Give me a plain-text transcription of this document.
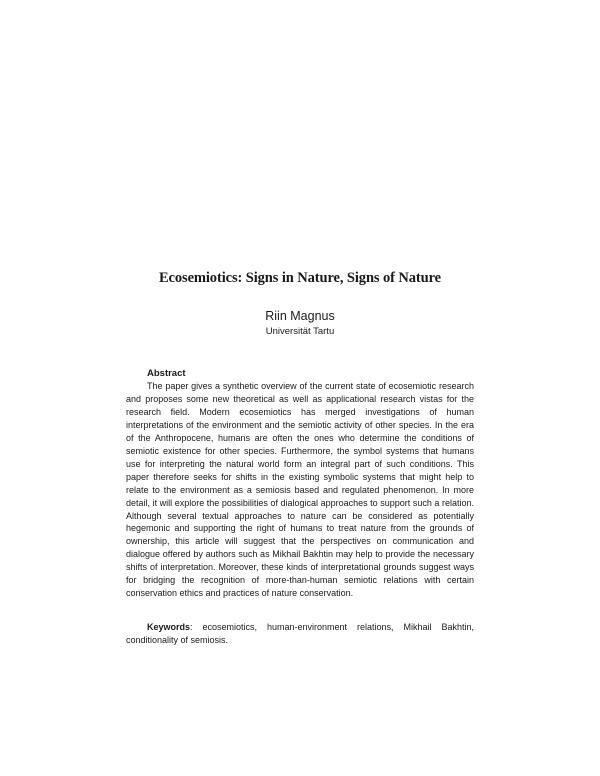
Ecosemiotics: Signs in Nature, Signs of Nature
Riin Magnus
Universität Tartu
Abstract

The paper gives a synthetic overview of the current state of ecosemiotic research and proposes some new theoretical as well as applicational research vistas for the research field. Modern ecosemiotics has merged investigations of human interpretations of the environment and the semiotic activity of other species. In the era of the Anthropocene, humans are often the ones who determine the conditions of semiotic existence for other species. Furthermore, the symbol systems that humans use for interpreting the natural world form an integral part of such conditions. This paper therefore seeks for shifts in the existing symbolic systems that might help to relate to the environment as a semiosis based and regulated phenomenon. In more detail, it will explore the possibilities of dialogical approaches to support such a relation. Although several textual approaches to nature can be considered as potentially hegemonic and supporting the right of humans to treat nature from the grounds of ownership, this article will suggest that the perspectives on communication and dialogue offered by authors such as Mikhail Bakhtin may help to provide the necessary shifts of interpretation. Moreover, these kinds of interpretational grounds suggest ways for bridging the recognition of more-than-human semiotic relations with certain conservation ethics and practices of nature conservation.

Keywords: ecosemiotics, human-environment relations, Mikhail Bakhtin, conditionality of semiosis.
